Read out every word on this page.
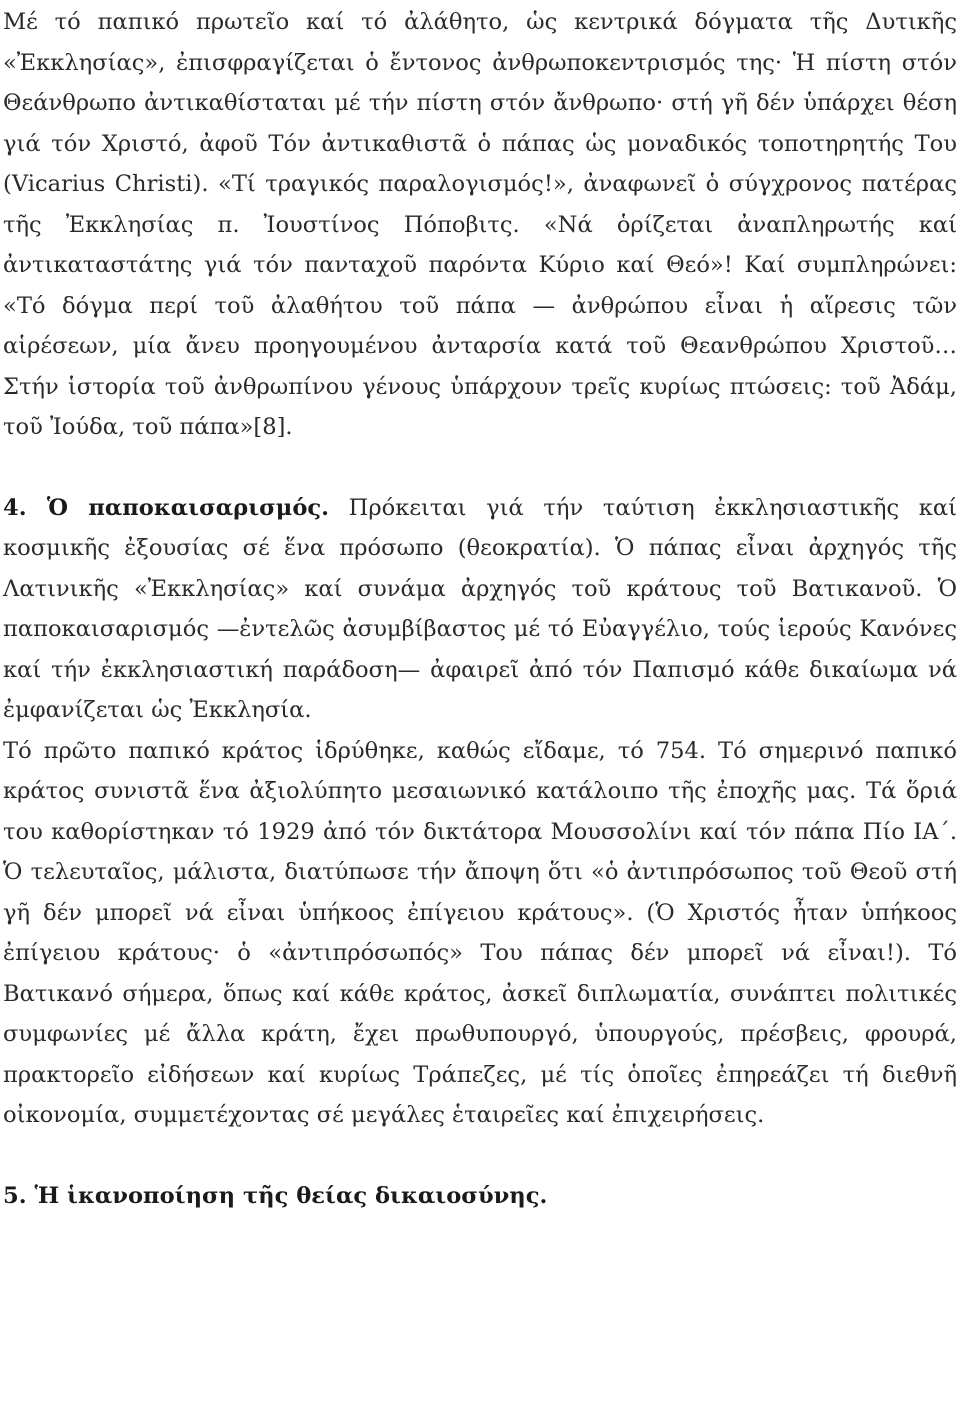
Μέ τό παπικό πρωτεῖο καί τό ἀλάθητο, ὡς κεντρικά δόγματα τῆς Δυτικῆς «Ἐκκλησίας», ἐπισφραγίζεται ὁ ἔντονος ἀνθρωποκεντρισμός της· Ἡ πίστη στόν Θεάνθρωπο ἀντικαθίσταται μέ τήν πίστη στόν ἄνθρωπο· στή γῆ δέν ὑπάρχει θέση γιά τόν Χριστό, ἀφοῦ Τόν ἀντικαθιστᾶ ὁ πάπας ὡς μοναδικός τοποτηρητής Του (Vicarius Christi). «Τί τραγικός παραλογισμός!», ἀναφωνεῖ ὁ σύγχρονος πατέρας τῆς Ἐκκλησίας π. Ἰουστίνος Πόποβιτς. «Νά ὁρίζεται ἀναπληρωτής καί ἀντικαταστάτης γιά τόν πανταχοῦ παρόντα Κύριο καί Θεό»! Καί συμπληρώνει: «Τό δόγμα περί τοῦ ἀλαθήτου τοῦ πάπα — ἀνθρώπου εἶναι ἡ αἵρεσις τῶν αἱρέσεων, μία ἄνευ προηγουμένου ἀνταρσία κατά τοῦ Θεανθρώπου Χριστοῦ… Στήν ἱστορία τοῦ ἀνθρωπίνου γένους ὑπάρχουν τρεῖς κυρίως πτώσεις: τοῦ Ἀδάμ, τοῦ Ἰούδα, τοῦ πάπα»[8].

4. Ὁ παποκαισαρισμός. Πρόκειται γιά τήν ταύτιση ἐκκλησιαστικῆς καί κοσμικῆς ἐξουσίας σέ ἕνα πρόσωπο (θεοκρατία). Ὁ πάπας εἶναι ἀρχηγός τῆς Λατινικῆς «Ἐκκλησίας» καί συνάμα ἀρχηγός τοῦ κράτους τοῦ Βατικανοῦ. Ὁ παποκαισαρισμός —ἐντελῶς ἀσυμβίβαστος μέ τό Εὐαγγέλιο, τούς ἱερούς Κανόνες καί τήν ἐκκλησιαστική παράδοση— ἀφαιρεῖ ἀπό τόν Παπισμό κάθε δικαίωμα νά ἐμφανίζεται ὡς Ἐκκλησία.

Τό πρῶτο παπικό κράτος ἱδρύθηκε, καθώς εἴδαμε, τό 754. Τό σημερινό παπικό κράτος συνιστᾶ ἕνα ἀξιολύπητο μεσαιωνικό κατάλοιπο τῆς ἐποχῆς μας. Τά ὅριά του καθορίστηκαν τό 1929 ἀπό τόν δικτάτορα Μουσσολίνι καί τόν πάπα Πίο ΙΑ΄. Ὁ τελευταῖος, μάλιστα, διατύπωσε τήν ἄποψη ὅτι «ὁ ἀντιπρόσωπος τοῦ Θεοῦ στή γῆ δέν μπορεῖ νά εἶναι ὑπήκοος ἐπίγειου κράτους». (Ὁ Χριστός ἦταν ὑπήκοος ἐπίγειου κράτους· ὁ «ἀντιπρόσωπός» Του πάπας δέν μπορεῖ νά εἶναι!). Τό Βατικανό σήμερα, ὅπως καί κάθε κράτος, ἀσκεῖ διπλωματία, συνάπτει πολιτικές συμφωνίες μέ ἄλλα κράτη, ἔχει πρωθυπουργό, ὑπουργούς, πρέσβεις, φρουρά, πρακτορεῖο εἰδήσεων καί κυρίως Τράπεζες, μέ τίς ὁποῖες ἐπηρεάζει τή διεθνῆ οἰκονομία, συμμετέχοντας σέ μεγάλες ἑταιρεῖες καί ἐπιχειρήσεις.

5. Ἡ ἱκανοποίηση τῆς θείας δικαιοσύνης.
